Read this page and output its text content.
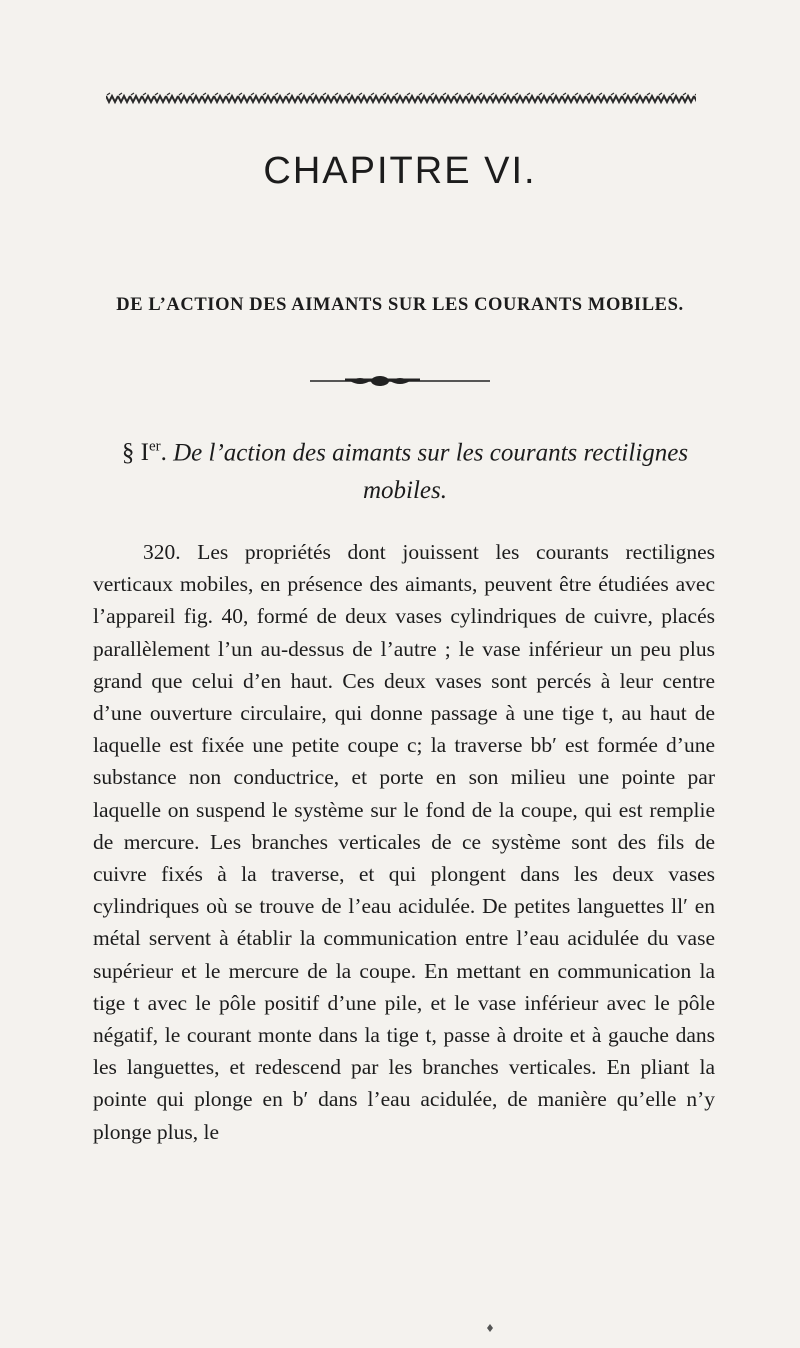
CHAPITRE VI.
DE L’ACTION DES AIMANTS SUR LES COURANTS MOBILES.
§ Ier. De l’action des aimants sur les courants rectilignes mobiles.

320. Les propriétés dont jouissent les courants rectilignes verticaux mobiles, en présence des aimants, peuvent être étudiées avec l’appareil fig. 40, formé de deux vases cylindriques de cuivre, placés parallèlement l’un au-dessus de l’autre ; le vase inférieur un peu plus grand que celui d’en haut. Ces deux vases sont percés à leur centre d’une ouverture circulaire, qui donne passage à une tige t, au haut de laquelle est fixée une petite coupe c; la traverse bb′ est formée d’une substance non conductrice, et porte en son milieu une pointe par laquelle on suspend le système sur le fond de la coupe, qui est remplie de mercure. Les branches verticales de ce système sont des fils de cuivre fixés à la traverse, et qui plongent dans les deux vases cylindriques où se trouve de l’eau acidulée. De petites languettes ll′ en métal servent à établir la communication entre l’eau acidulée du vase supérieur et le mercure de la coupe. En mettant en communication la tige t avec le pôle positif d’une pile, et le vase inférieur avec le pôle négatif, le courant monte dans la tige t, passe à droite et à gauche dans les languettes, et redescend par les branches verticales. En pliant la pointe qui plonge en b′ dans l’eau acidulée, de manière qu’elle n’y plonge plus, le
